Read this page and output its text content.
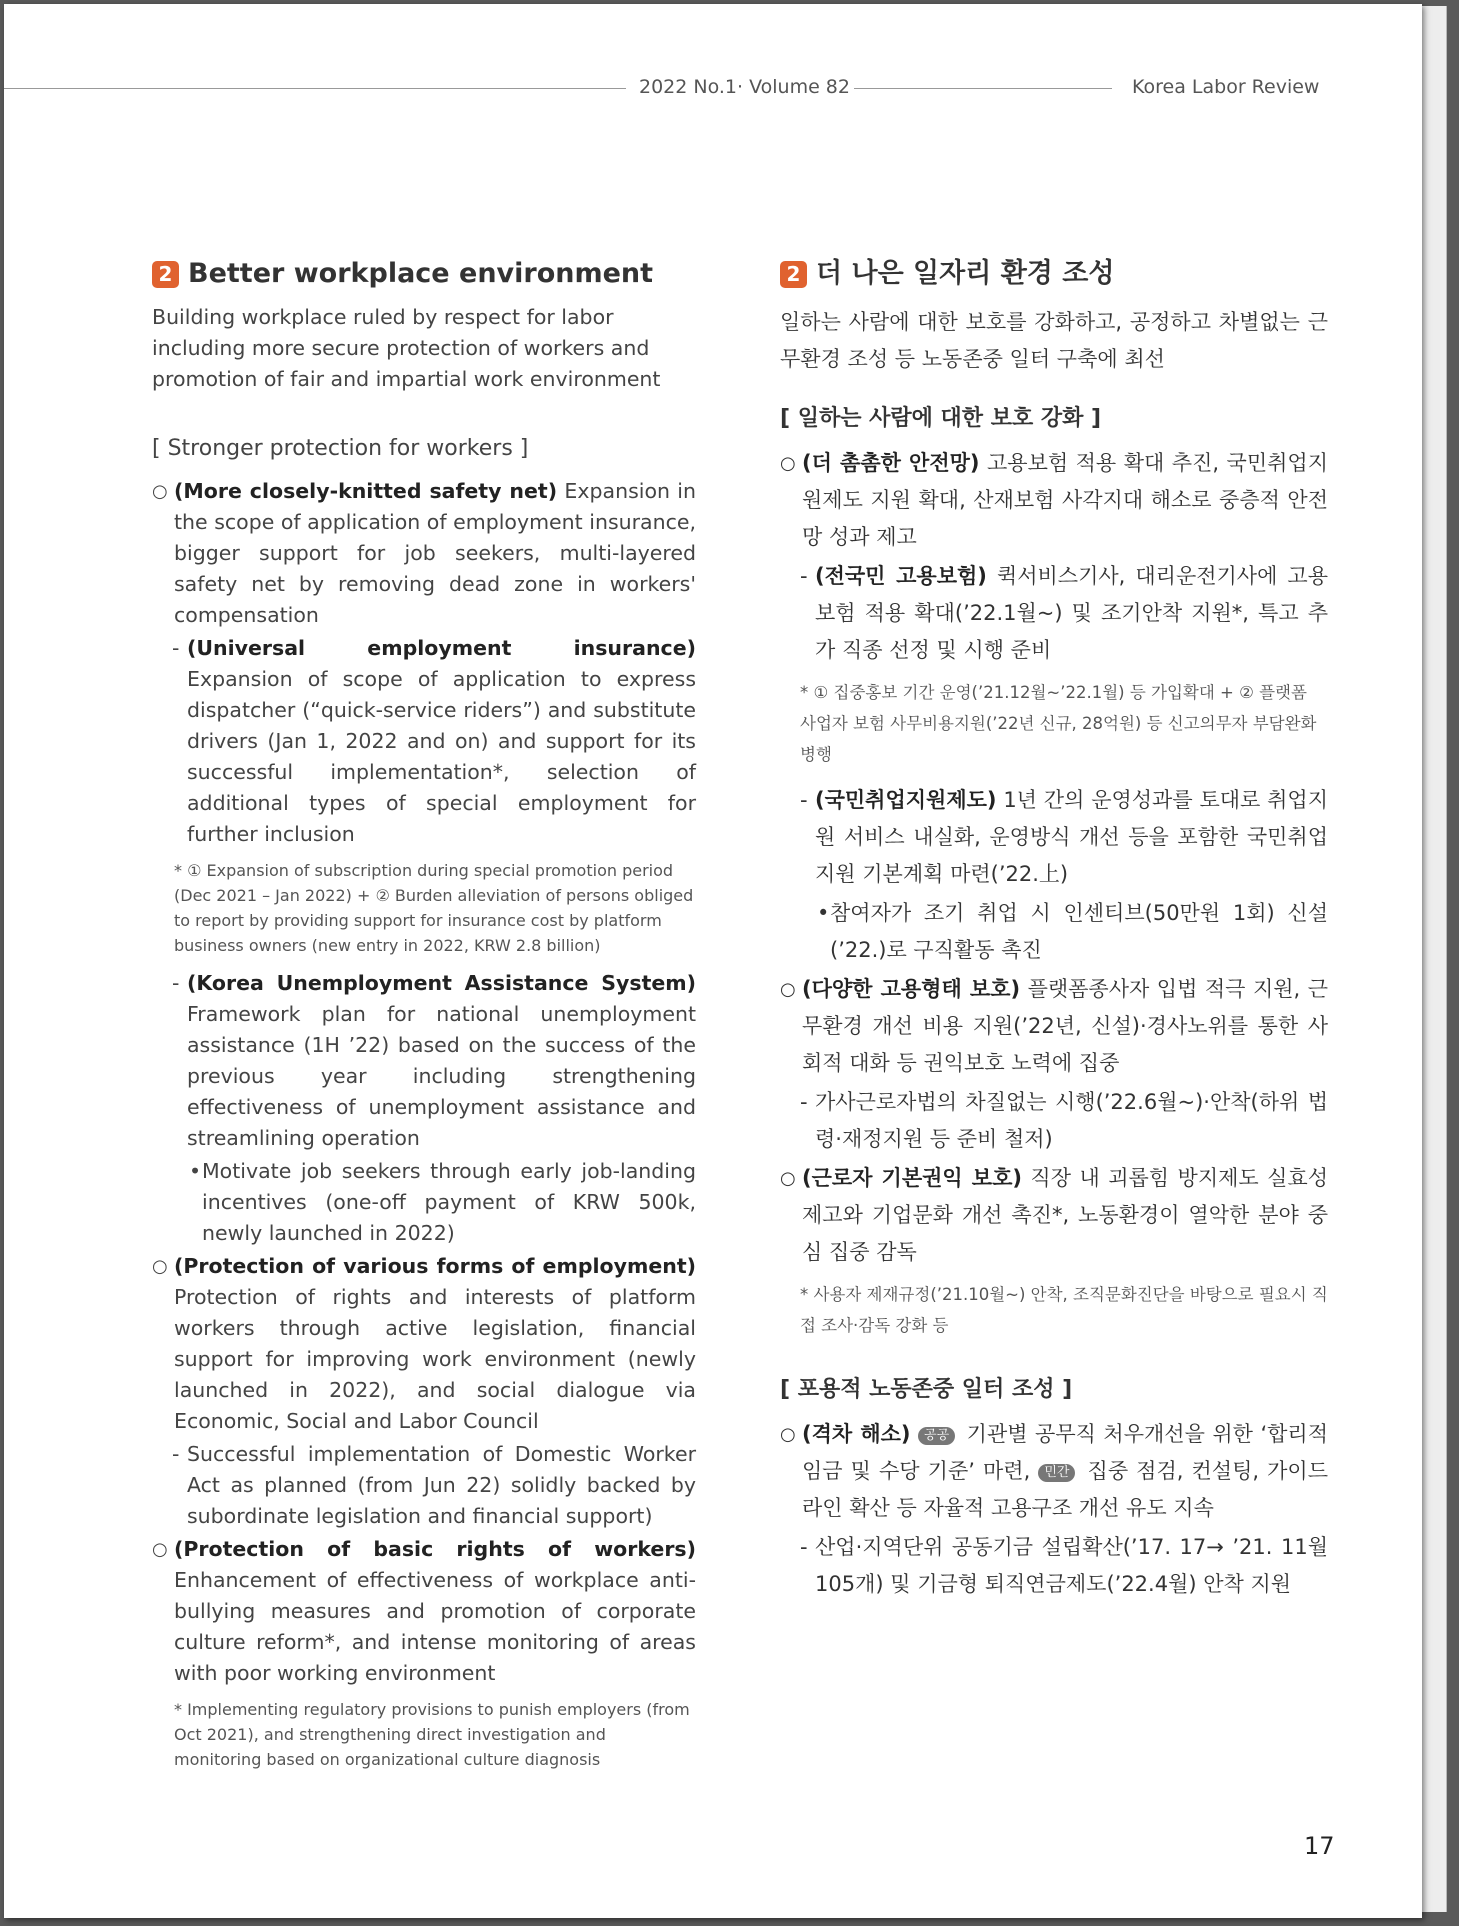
2022 No.1· Volume 82	Korea Labor Review
2 Better workplace environment

Building workplace ruled by respect for labor including more secure protection of workers and promotion of fair and impartial work environment

[ Stronger protection for workers ]

○ (More closely-knitted safety net) Expansion in the scope of application of employment insurance, bigger support for job seekers, multi-layered safety net by removing dead zone in workers' compensation

- (Universal employment insurance) Expansion of scope of application to express dispatcher (“quick-service riders”) and substitute drivers (Jan 1, 2022 and on) and support for its successful implementation*, selection of additional types of special employment for further inclusion

* ① Expansion of subscription during special promotion period (Dec 2021 – Jan 2022) + ② Burden alleviation of persons obliged to report by providing support for insurance cost by platform business owners (new entry in 2022, KRW 2.8 billion)

- (Korea Unemployment Assistance System) Framework plan for national unemployment assistance (1H ’22) based on the success of the previous year including strengthening effectiveness of unemployment assistance and streamlining operation

• Motivate job seekers through early job-landing incentives (one-off payment of KRW 500k, newly launched in 2022)

○ (Protection of various forms of employment) Protection of rights and interests of platform workers through active legislation, financial support for improving work environment (newly launched in 2022), and social dialogue via Economic, Social and Labor Council

- Successful implementation of Domestic Worker Act as planned (from Jun 22) solidly backed by subordinate legislation and financial support)

○ (Protection of basic rights of workers) Enhancement of effectiveness of workplace anti-bullying measures and promotion of corporate culture reform*, and intense monitoring of areas with poor working environment

* Implementing regulatory provisions to punish employers (from Oct 2021), and strengthening direct investigation and monitoring based on organizational culture diagnosis

2 더 나은 일자리 환경 조성

일하는 사람에 대한 보호를 강화하고, 공정하고 차별없는 근무환경 조성 등 노동존중 일터 구축에 최선

[ 일하는 사람에 대한 보호 강화 ]

○ (더 촘촘한 안전망) 고용보험 적용 확대 추진, 국민취업지원제도 지원 확대, 산재보험 사각지대 해소로 중층적 안전망 성과 제고

- (전국민 고용보험) 퀵서비스기사, 대리운전기사에 고용보험 적용 확대(’22.1월~) 및 조기안착 지원*, 특고 추가 직종 선정 및 시행 준비

* ① 집중홍보 기간 운영(’21.12월~’22.1월) 등 가입확대 + ② 플랫폼 사업자 보험 사무비용지원(’22년 신규, 28억원) 등 신고의무자 부담완화 병행

- (국민취업지원제도) 1년 간의 운영성과를 토대로 취업지원 서비스 내실화, 운영방식 개선 등을 포함한 국민취업지원 기본계획 마련(’22.上)

• 참여자가 조기 취업 시 인센티브(50만원 1회) 신설(’22.)로 구직활동 촉진

○ (다양한 고용형태 보호) 플랫폼종사자 입법 적극 지원, 근무환경 개선 비용 지원(’22년, 신설)·경사노위를 통한 사회적 대화 등 권익보호 노력에 집중

- 가사근로자법의 차질없는 시행(’22.6월~)·안착(하위 법령·재정지원 등 준비 철저)

○ (근로자 기본권익 보호) 직장 내 괴롭힘 방지제도 실효성 제고와 기업문화 개선 촉진*, 노동환경이 열악한 분야 중심 집중 감독

* 사용자 제재규정(’21.10월~) 안착, 조직문화진단을 바탕으로 필요시 직접 조사·감독 강화 등

[ 포용적 노동존중 일터 조성 ]

○ (격차 해소) 공공 기관별 공무직 처우개선을 위한 ‘합리적 임금 및 수당 기준’ 마련, 민간 집중 점검, 컨설팅, 가이드라인 확산 등 자율적 고용구조 개선 유도 지속

- 산업·지역단위 공동기금 설립확산(’17. 17→ ’21. 11월 105개) 및 기금형 퇴직연금제도(’22.4월) 안착 지원

17
